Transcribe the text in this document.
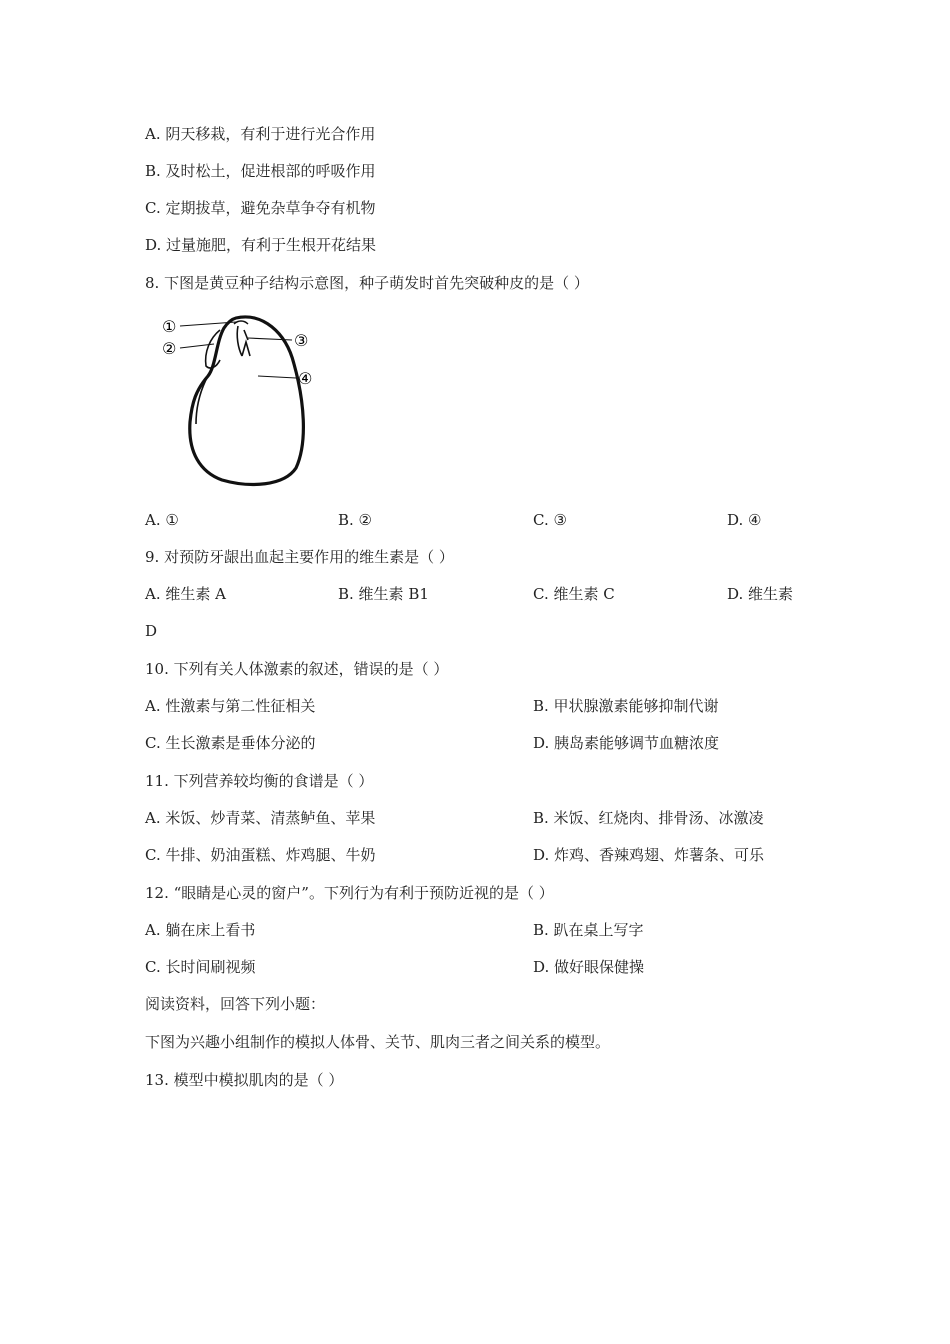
A. 阴天移栽，有利于进行光合作用
B. 及时松土，促进根部的呼吸作用
C. 定期拔草，避免杂草争夺有机物
D. 过量施肥，有利于生根开花结果
8. 下图是黄豆种子结构示意图，种子萌发时首先突破种皮的是（ ）
①
②	③
④
A. ①	B. ②	C. ③	D. ④
9. 对预防牙龈出血起主要作用的维生素是（ ）
A. 维生素 A	B. 维生素 B1	C. 维生素 C	D. 维生素
D
10. 下列有关人体激素的叙述，错误的是（ ）
A. 性激素与第二性征相关	B. 甲状腺激素能够抑制代谢
C. 生长激素是垂体分泌的	D. 胰岛素能够调节血糖浓度
11. 下列营养较均衡的食谱是（ ）
A. 米饭、炒青菜、清蒸鲈鱼、苹果	B. 米饭、红烧肉、排骨汤、冰激凌
C. 牛排、奶油蛋糕、炸鸡腿、牛奶	D. 炸鸡、香辣鸡翅、炸薯条、可乐
12. “眼睛是心灵的窗户”。下列行为有利于预防近视的是（ ）
A. 躺在床上看书	B. 趴在桌上写字
C. 长时间刷视频	D. 做好眼保健操
阅读资料，回答下列小题：
下图为兴趣小组制作的模拟人体骨、关节、肌肉三者之间关系的模型。
13. 模型中模拟肌肉的是（ ）
